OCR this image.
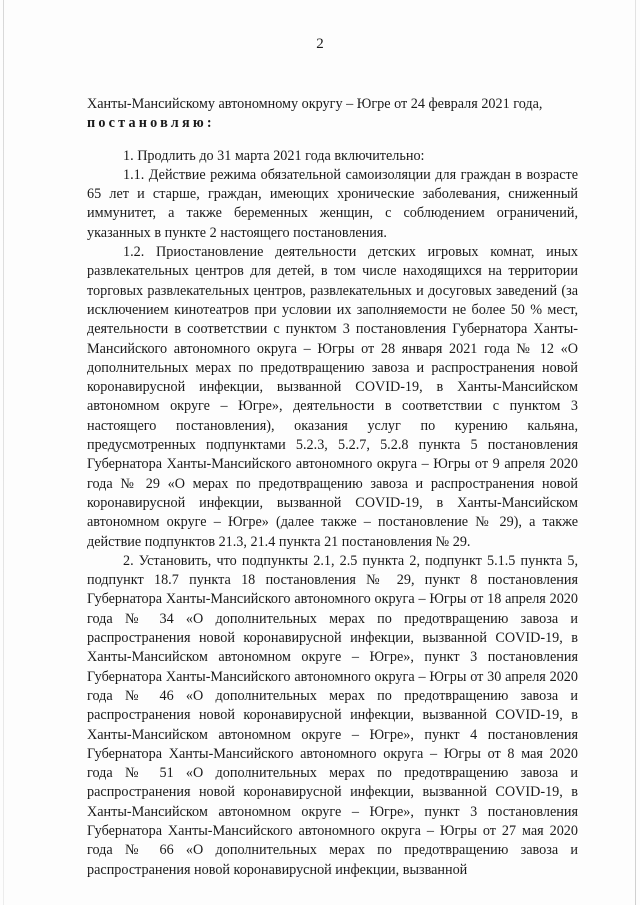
2

Ханты-Мансийскому автономному округу – Югре от 24 февраля 2021 года,

постановляю:

1. Продлить до 31 марта 2021 года включительно:

1.1. Действие режима обязательной самоизоляции для граждан в возрасте 65 лет и старше, граждан, имеющих хронические заболевания, сниженный иммунитет, а также беременных женщин, с соблюдением ограничений, указанных в пункте 2 настоящего постановления.

1.2. Приостановление деятельности детских игровых комнат, иных развлекательных центров для детей, в том числе находящихся на территории торговых развлекательных центров, развлекательных и досуговых заведений (за исключением кинотеатров при условии их заполняемости не более 50 % мест, деятельности в соответствии с пунктом 3 постановления Губернатора Ханты-Мансийского автономного округа – Югры от 28 января 2021 года № 12 «О дополнительных мерах по предотвращению завоза и распространения новой коронавирусной инфекции, вызванной COVID-19, в Ханты-Мансийском автономном округе – Югре», деятельности в соответствии с пунктом 3 настоящего постановления), оказания услуг по курению кальяна, предусмотренных подпунктами 5.2.3, 5.2.7, 5.2.8 пункта 5 постановления Губернатора Ханты-Мансийского автономного округа – Югры от 9 апреля 2020 года № 29 «О мерах по предотвращению завоза и распространения новой коронавирусной инфекции, вызванной COVID-19, в Ханты-Мансийском автономном округе – Югре» (далее также – постановление № 29), а также действие подпунктов 21.3, 21.4 пункта 21 постановления № 29.

2. Установить, что подпункты 2.1, 2.5 пункта 2, подпункт 5.1.5 пункта 5, подпункт 18.7 пункта 18 постановления № 29, пункт 8 постановления Губернатора Ханты-Мансийского автономного округа – Югры от 18 апреля 2020 года № 34 «О дополнительных мерах по предотвращению завоза и распространения новой коронавирусной инфекции, вызванной COVID-19, в Ханты-Мансийском автономном округе – Югре», пункт 3 постановления Губернатора Ханты-Мансийского автономного округа – Югры от 30 апреля 2020 года № 46 «О дополнительных мерах по предотвращению завоза и распространения новой коронавирусной инфекции, вызванной COVID-19, в Ханты-Мансийском автономном округе – Югре», пункт 4 постановления Губернатора Ханты-Мансийского автономного округа – Югры от 8 мая 2020 года № 51 «О дополнительных мерах по предотвращению завоза и распространения новой коронавирусной инфекции, вызванной COVID-19, в Ханты-Мансийском автономном округе – Югре», пункт 3 постановления Губернатора Ханты-Мансийского автономного округа – Югры от 27 мая 2020 года № 66 «О дополнительных мерах по предотвращению завоза и распространения новой коронавирусной инфекции, вызванной
